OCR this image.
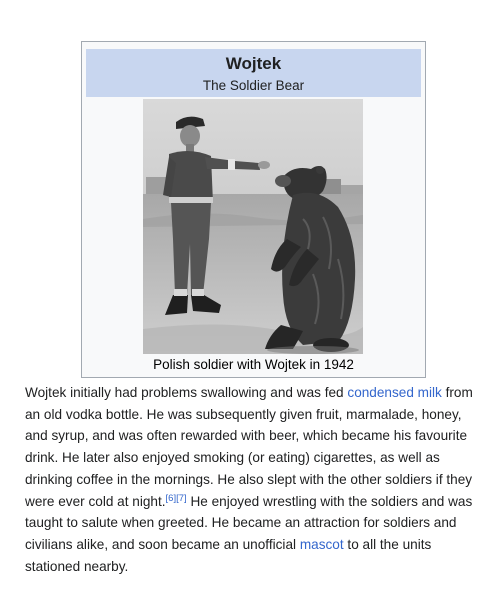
Wojtek
The Soldier Bear
Polish soldier with Wojtek in 1942
Wojtek initially had problems swallowing and was fed condensed milk from an old vodka bottle. He was subsequently given fruit, marmalade, honey, and syrup, and was often rewarded with beer, which became his favourite drink. He later also enjoyed smoking (or eating) cigarettes, as well as drinking coffee in the mornings. He also slept with the other soldiers if they were ever cold at night.[6][7] He enjoyed wrestling with the soldiers and was taught to salute when greeted. He became an attraction for soldiers and civilians alike, and soon became an unofficial mascot to all the units stationed nearby.
